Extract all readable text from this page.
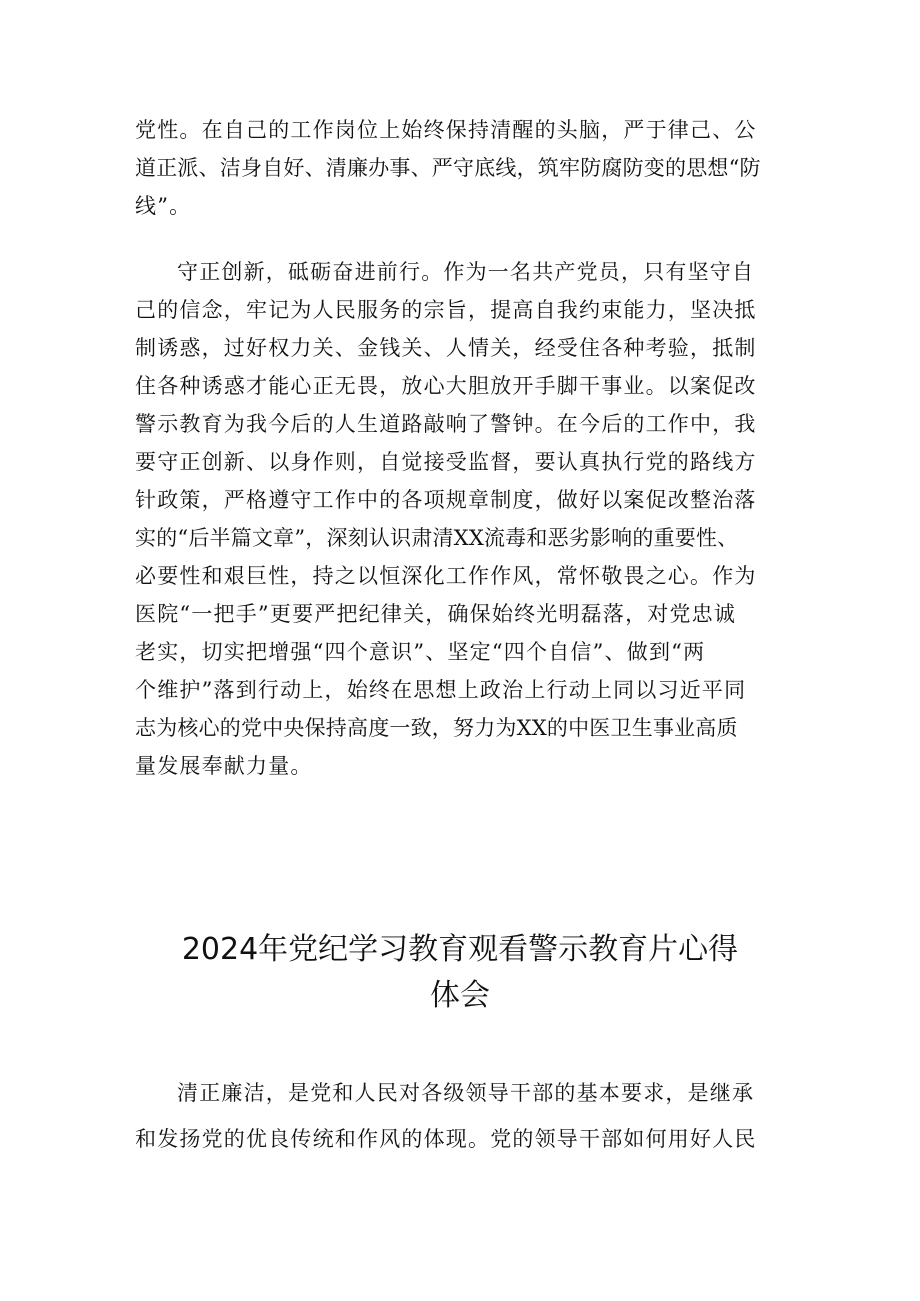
党性。在自己的工作岗位上始终保持清醒的头脑，严于律己、公
道正派、洁身自好、清廉办事、严守底线，筑牢防腐防变的思想“防
线”。
守正创新，砥砺奋进前行。作为一名共产党员，只有坚守自
己的信念，牢记为人民服务的宗旨，提高自我约束能力，坚决抵
制诱惑，过好权力关、金钱关、人情关，经受住各种考验，抵制
住各种诱惑才能心正无畏，放心大胆放开手脚干事业。以案促改
警示教育为我今后的人生道路敲响了警钟。在今后的工作中，我
要守正创新、以身作则，自觉接受监督，要认真执行党的路线方
针政策，严格遵守工作中的各项规章制度，做好以案促改整治落
实的“后半篇文章”，深刻认识肃清XX流毒和恶劣影响的重要性、
必要性和艰巨性，持之以恒深化工作作风，常怀敬畏之心。作为
医院“一把手”更要严把纪律关，确保始终光明磊落，对党忠诚
老实，切实把增强“四个意识”、坚定“四个自信”、做到“两
个维护”落到行动上，始终在思想上政治上行动上同以习近平同
志为核心的党中央保持高度一致，努力为XX的中医卫生事业高质
量发展奉献力量。
2024年党纪学习教育观看警示教育片心得
体会
清正廉洁，是党和人民对各级领导干部的基本要求，是继承
和发扬党的优良传统和作风的体现。党的领导干部如何用好人民
